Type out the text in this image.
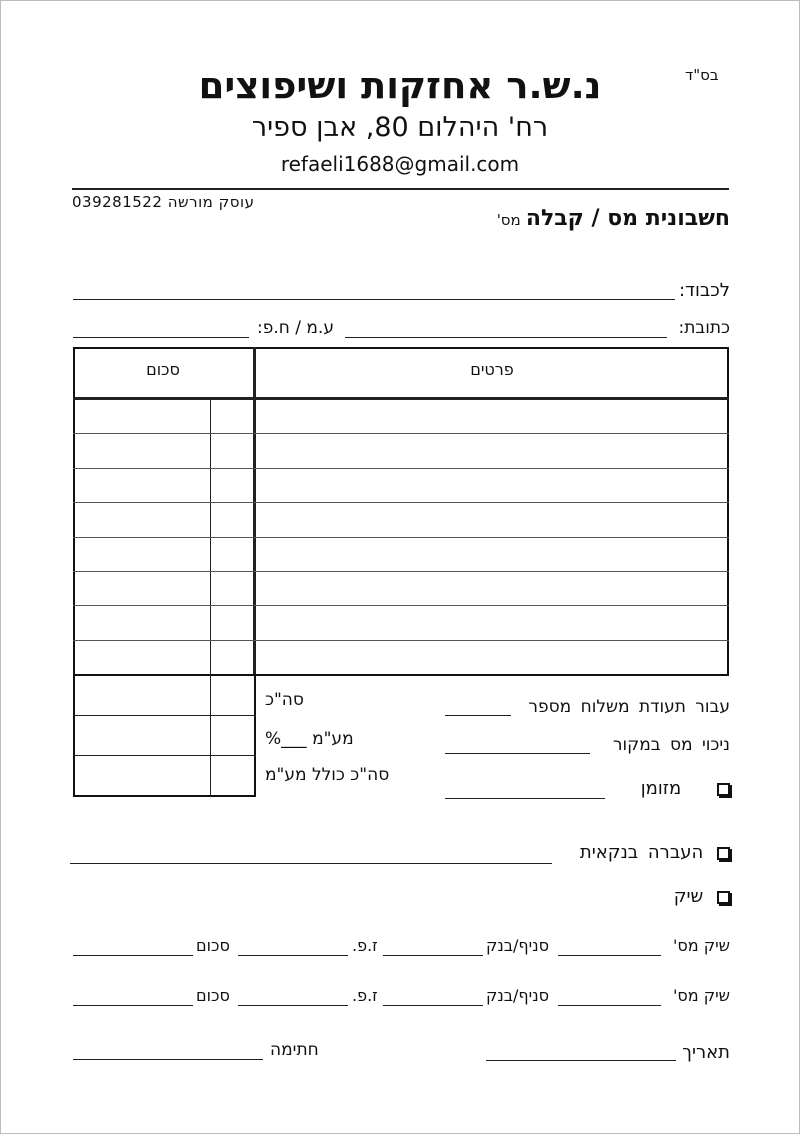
בס"ד
נ.ש.ר אחזקות ושיפוצים
רח' היהלום 80, אבן ספיר
refaeli1688@gmail.com
עוסק מורשה 039281522
חשבונית מס / קבלה מס'
לכבוד:
כתובת:
ע.מ / ח.פ:
פרטים
סכום
סה"כ
מע"מ ___%
סה"כ כולל מע"מ
עבור תעודת משלוח מספר
ניכוי מס במקור
מזומן
העברה בנקאית
שיק
שיק מס'
סניף/בנק
ז.פ.
סכום
שיק מס'
סניף/בנק
ז.פ.
סכום
תאריך
חתימה
